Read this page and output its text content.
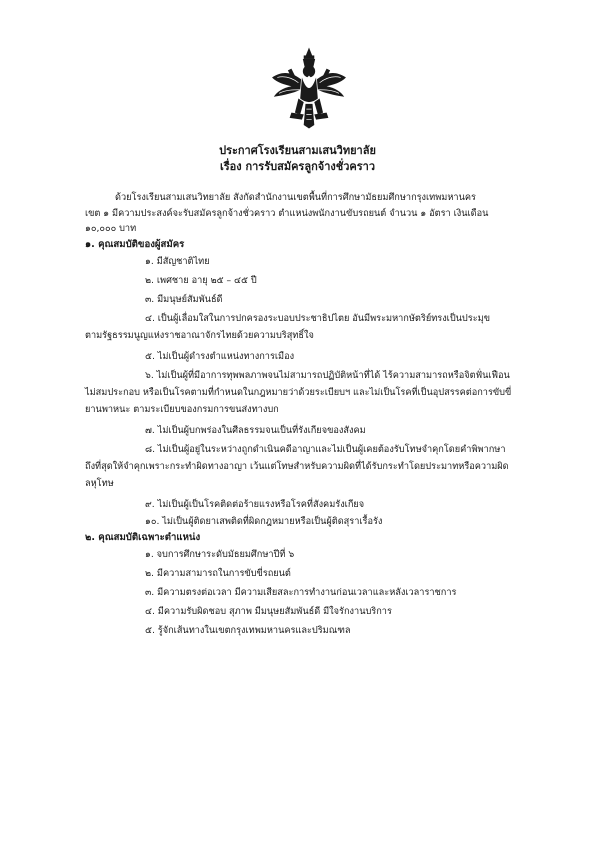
ประกาศโรงเรียนสามเสนวิทยาลัย
เรื่อง การรับสมัครลูกจ้างชั่วคราว
ด้วยโรงเรียนสามเสนวิทยาลัย สังกัดสำนักงานเขตพื้นที่การศึกษามัธยมศึกษากรุงเทพมหานคร
เขต ๑ มีความประสงค์จะรับสมัครลูกจ้างชั่วคราว ตำแหน่งพนักงานขับรถยนต์ จำนวน ๑ อัตรา เงินเดือน
๑๐,๐๐๐ บาท
๑. คุณสมบัติของผู้สมัคร
๑. มีสัญชาติไทย
๒. เพศชาย อายุ ๒๕ – ๔๕ ปี
๓. มีมนุษย์สัมพันธ์ดี
๔. เป็นผู้เลื่อมใสในการปกครองระบอบประชาธิปไตย อันมีพระมหากษัตริย์ทรงเป็นประมุข
ตามรัฐธรรมนูญแห่งราชอาณาจักรไทยด้วยความบริสุทธิ์ใจ
๕. ไม่เป็นผู้ดำรงตำแหน่งทางการเมือง
๖. ไม่เป็นผู้ที่มีอาการทุพพลภาพจนไม่สามารถปฏิบัติหน้าที่ได้ ไร้ความสามารถหรือจิตฟั่นเฟือน
ไม่สมประกอบ หรือเป็นโรคตามที่กำหนดในกฎหมายว่าด้วยระเบียบฯ และไม่เป็นโรคที่เป็นอุปสรรคต่อการขับขี่
ยานพาหนะ ตามระเบียบของกรมการขนส่งทางบก
๗. ไม่เป็นผู้บกพร่องในศีลธรรมจนเป็นที่รังเกียจของสังคม
๘. ไม่เป็นผู้อยู่ในระหว่างถูกดำเนินคดีอาญาและไม่เป็นผู้เคยต้องรับโทษจำคุกโดยคำพิพากษา
ถึงที่สุดให้จำคุกเพราะกระทำผิดทางอาญา เว้นแต่โทษสำหรับความผิดที่ได้รับกระทำโดยประมาทหรือความผิด
ลหุโทษ
๙. ไม่เป็นผู้เป็นโรคติดต่อร้ายแรงหรือโรคที่สังคมรังเกียจ
๑๐. ไม่เป็นผู้ติดยาเสพติดที่ผิดกฎหมายหรือเป็นผู้ติดสุราเรื้อรัง
๒. คุณสมบัติเฉพาะตำแหน่ง
๑. จบการศึกษาระดับมัธยมศึกษาปีที่ ๖
๒. มีความสามารถในการขับขี่รถยนต์
๓. มีความตรงต่อเวลา มีความเสียสละการทำงานก่อนเวลาและหลังเวลาราชการ
๔. มีความรับผิดชอบ สุภาพ มีมนุษยสัมพันธ์ดี มีใจรักงานบริการ
๕. รู้จักเส้นทางในเขตกรุงเทพมหานครและปริมณฑล
